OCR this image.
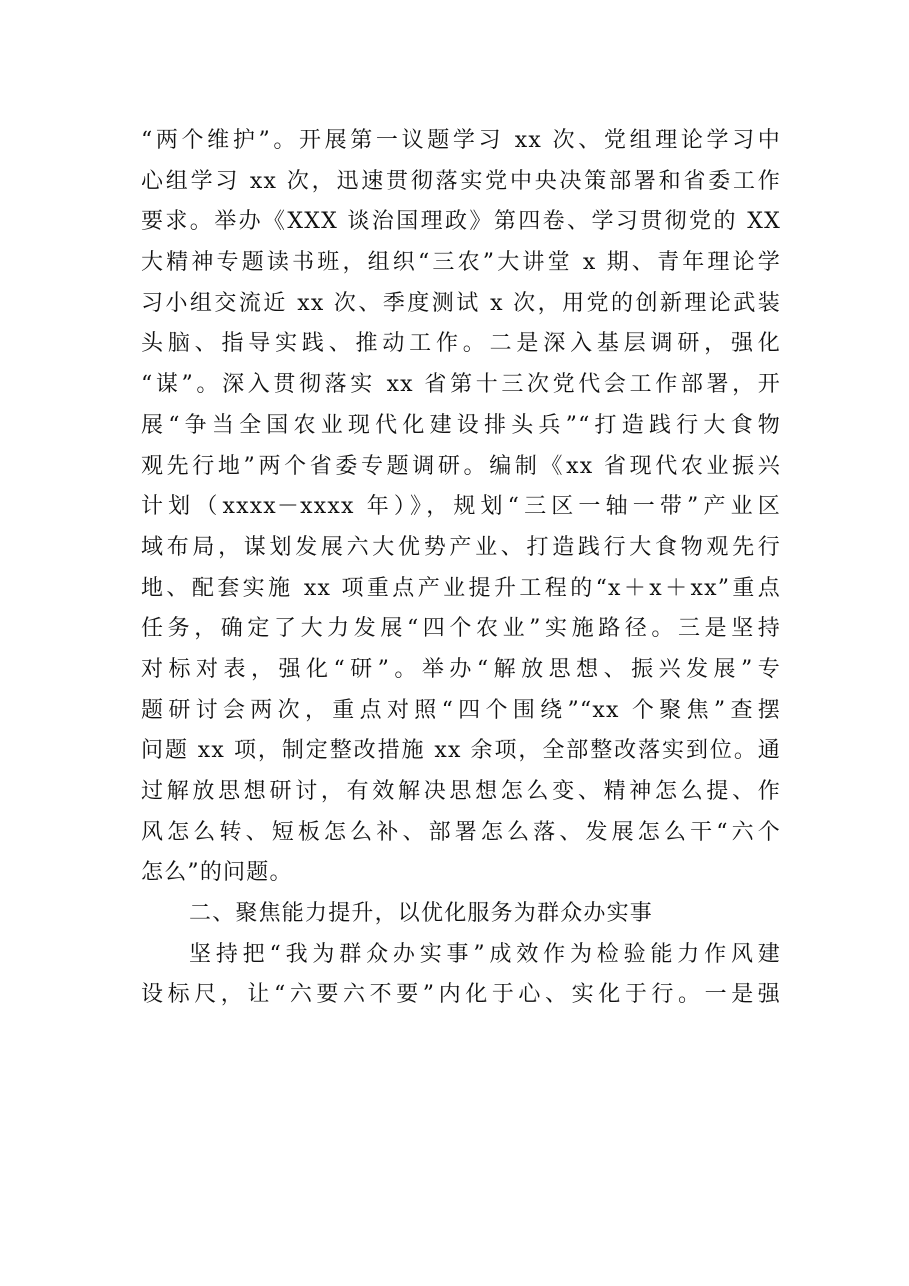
“两个维护”。开展第一议题学习 xx 次、党组理论学习中
心组学习 xx 次，迅速贯彻落实党中央决策部署和省委工作
要求。举办《XXX 谈治国理政》第四卷、学习贯彻党的 XX
大精神专题读书班，组织“三农”大讲堂 x 期、青年理论学
习小组交流近 xx 次、季度测试 x 次，用党的创新理论武装
头脑、指导实践、推动工作。二是深入基层调研，强化
“谋”。深入贯彻落实 xx 省第十三次党代会工作部署，开
展“争当全国农业现代化建设排头兵”“打造践行大食物
观先行地”两个省委专题调研。编制《xx 省现代农业振兴
计划（xxxx－xxxx 年）》，规划“三区一轴一带”产业区
域布局，谋划发展六大优势产业、打造践行大食物观先行
地、配套实施 xx 项重点产业提升工程的“x＋x＋xx”重点
任务，确定了大力发展“四个农业”实施路径。三是坚持
对标对表，强化“研”。举办“解放思想、振兴发展”专
题研讨会两次，重点对照“四个围绕”“xx 个聚焦”查摆
问题 xx 项，制定整改措施 xx 余项，全部整改落实到位。通
过解放思想研讨，有效解决思想怎么变、精神怎么提、作
风怎么转、短板怎么补、部署怎么落、发展怎么干“六个
怎么”的问题。
二、聚焦能力提升，以优化服务为群众办实事
坚持把“我为群众办实事”成效作为检验能力作风建
设标尺，让“六要六不要”内化于心、实化于行。一是强
